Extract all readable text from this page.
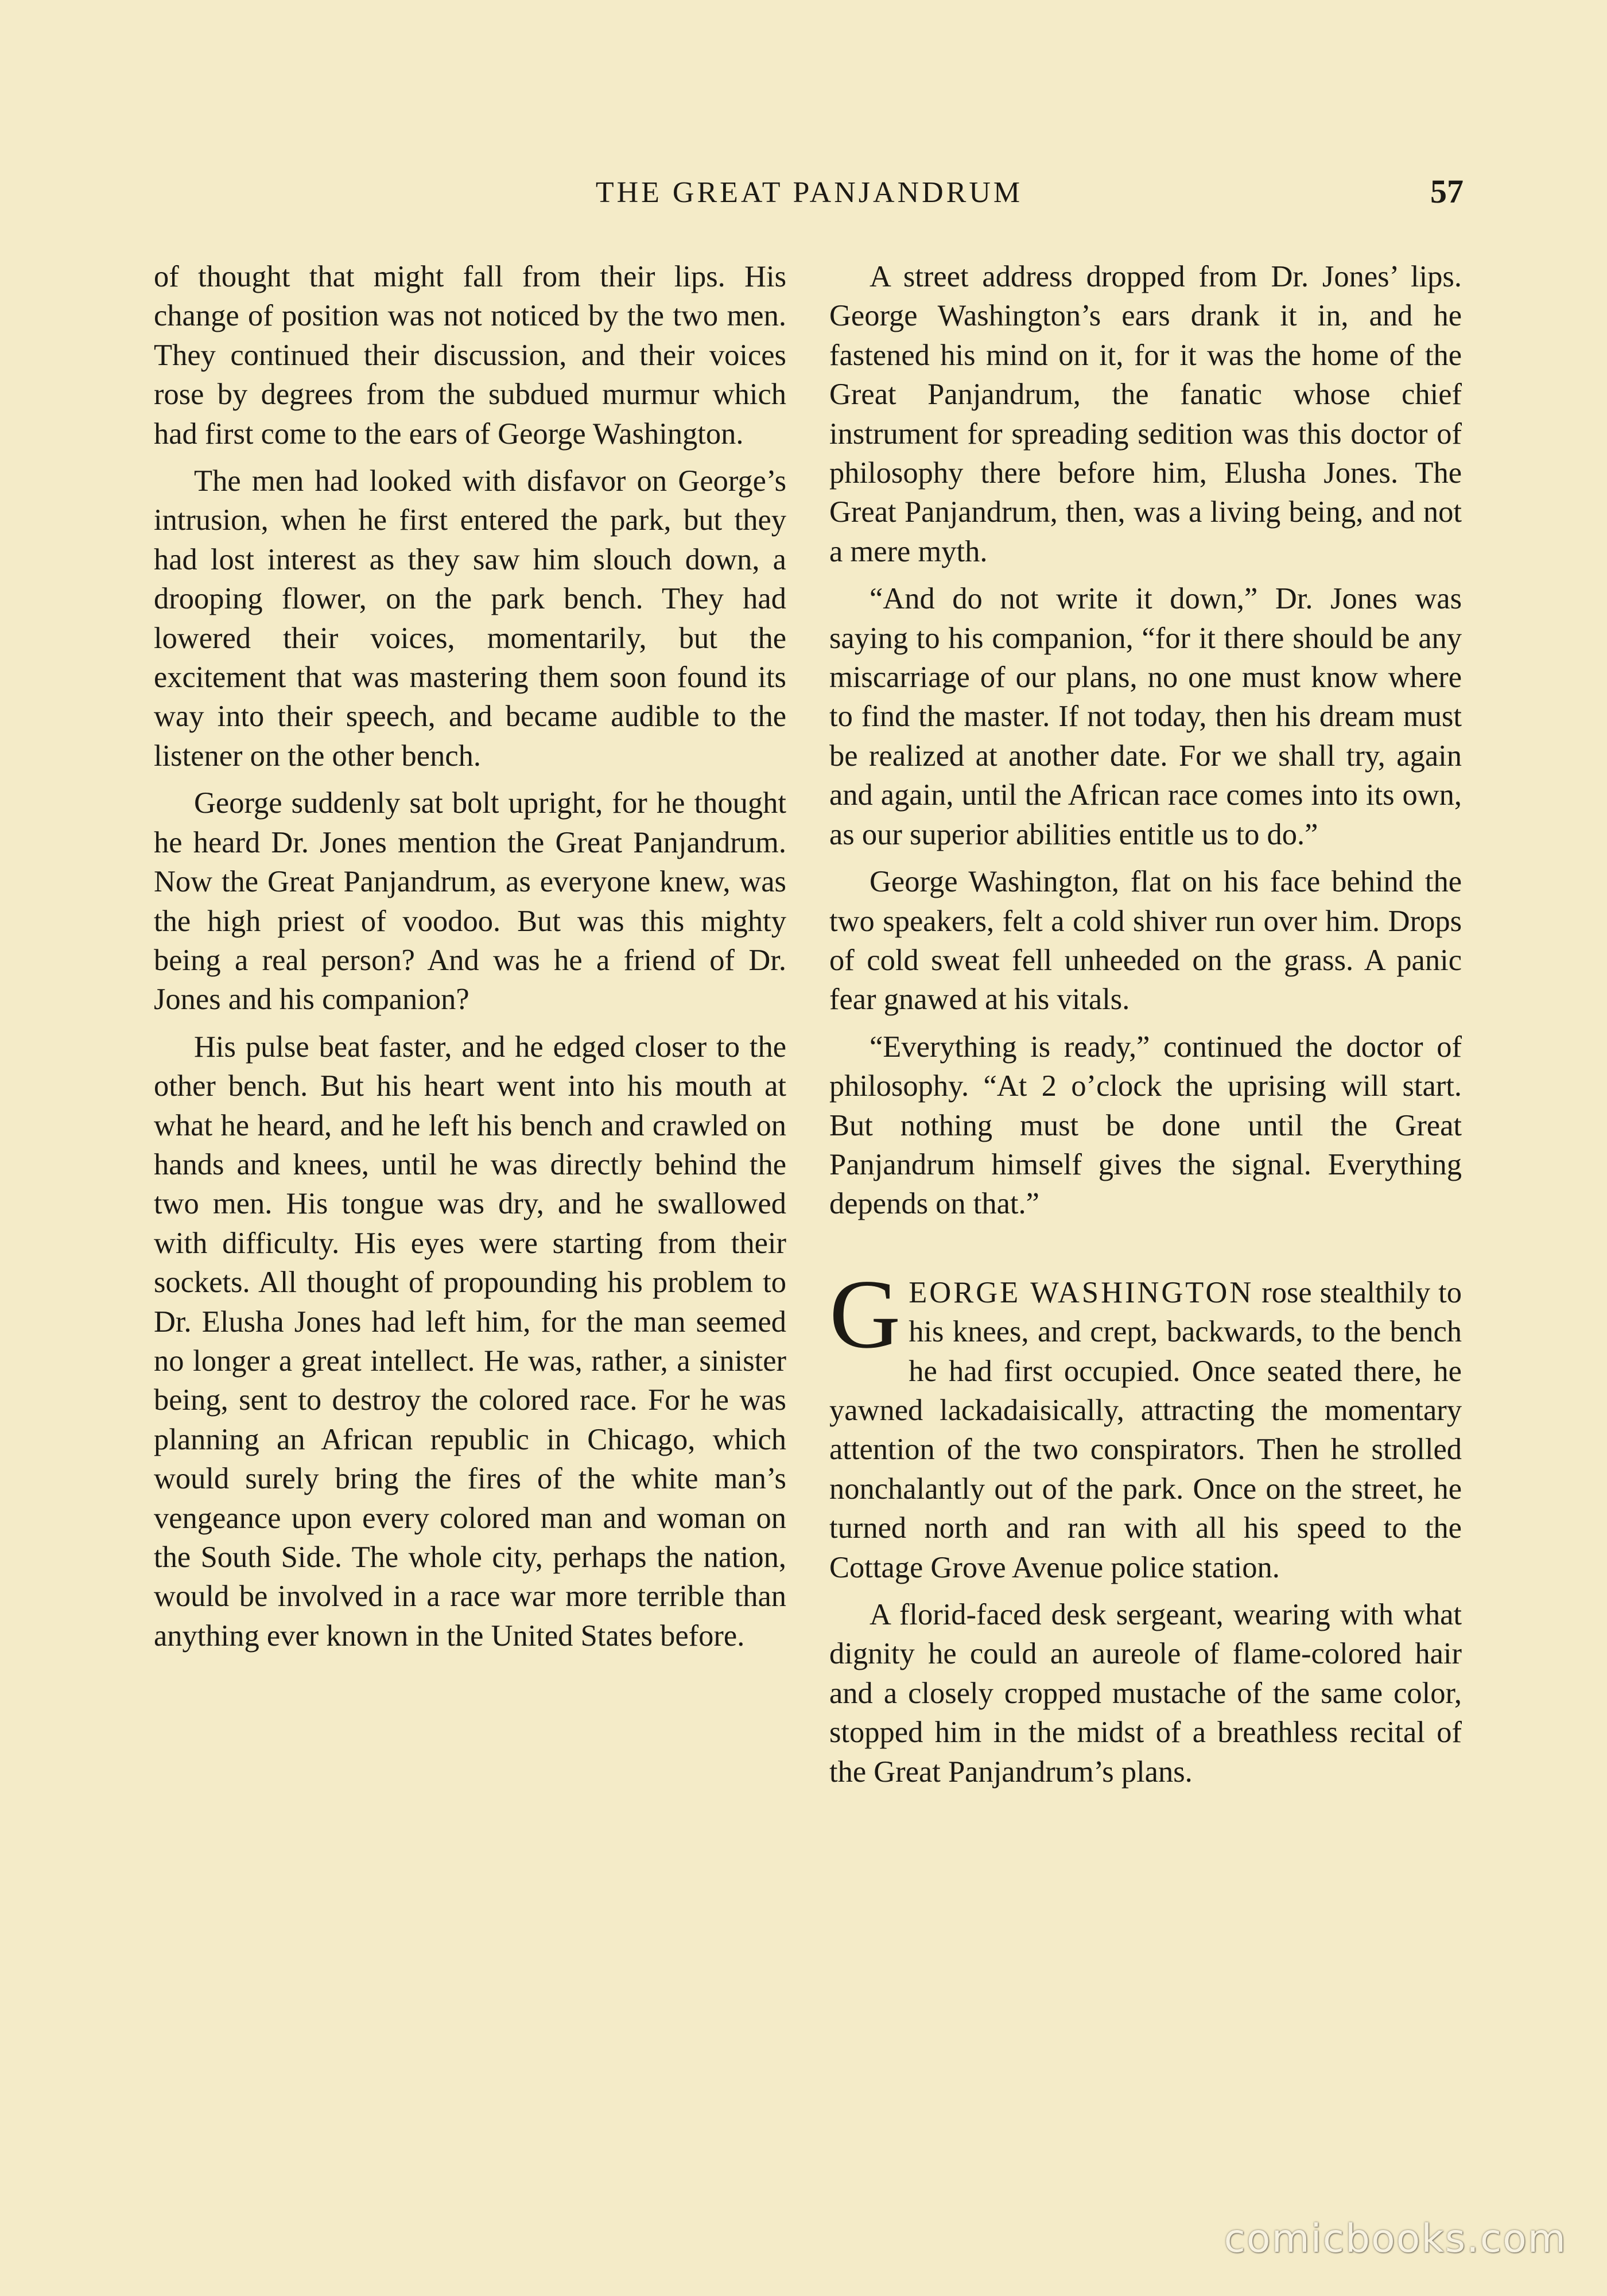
THE GREAT PANJANDRUM	57

of thought that might fall from their lips. His change of position was not noticed by the two men. They continued their discussion, and their voices rose by degrees from the subdued murmur which had first come to the ears of George Washington.

The men had looked with disfavor on George’s intrusion, when he first entered the park, but they had lost interest as they saw him slouch down, a drooping flower, on the park bench. They had lowered their voices, momentarily, but the excitement that was mastering them soon found its way into their speech, and became audible to the listener on the other bench.

George suddenly sat bolt upright, for he thought he heard Dr. Jones mention the Great Panjandrum. Now the Great Panjandrum, as everyone knew, was the high priest of voodoo. But was this mighty being a real person? And was he a friend of Dr. Jones and his companion?

His pulse beat faster, and he edged closer to the other bench. But his heart went into his mouth at what he heard, and he left his bench and crawled on hands and knees, until he was directly behind the two men. His tongue was dry, and he swallowed with difficulty. His eyes were starting from their sockets. All thought of propounding his problem to Dr. Elusha Jones had left him, for the man seemed no longer a great intellect. He was, rather, a sinister being, sent to destroy the colored race. For he was planning an African republic in Chicago, which would surely bring the fires of the white man’s vengeance upon every colored man and woman on the South Side. The whole city, perhaps the nation, would be involved in a race war more terrible than anything ever known in the United States before.

A street address dropped from Dr. Jones’ lips. George Washington’s ears drank it in, and he fastened his mind on it, for it was the home of the Great Panjandrum, the fanatic whose chief instrument for spreading sedition was this doctor of philosophy there before him, Elusha Jones. The Great Panjandrum, then, was a living being, and not a mere myth.

“And do not write it down,” Dr. Jones was saying to his companion, “for it there should be any miscarriage of our plans, no one must know where to find the master. If not today, then his dream must be realized at another date. For we shall try, again and again, until the African race comes into its own, as our superior abilities entitle us to do.”

George Washington, flat on his face behind the two speakers, felt a cold shiver run over him. Drops of cold sweat fell unheeded on the grass. A panic fear gnawed at his vitals.

“Everything is ready,” continued the doctor of philosophy. “At 2 o’clock the uprising will start. But nothing must be done until the Great Panjandrum himself gives the signal. Everything depends on that.”

GEORGE WASHINGTON rose stealthily to his knees, and crept, backwards, to the bench he had first occupied. Once seated there, he yawned lackadaisically, attracting the momentary attention of the two conspirators. Then he strolled nonchalantly out of the park. Once on the street, he turned north and ran with all his speed to the Cottage Grove Avenue police station.

A florid-faced desk sergeant, wearing with what dignity he could an aureole of flame-colored hair and a closely cropped mustache of the same color, stopped him in the midst of a breathless recital of the Great Panjandrum’s plans.

comicbooks.com
